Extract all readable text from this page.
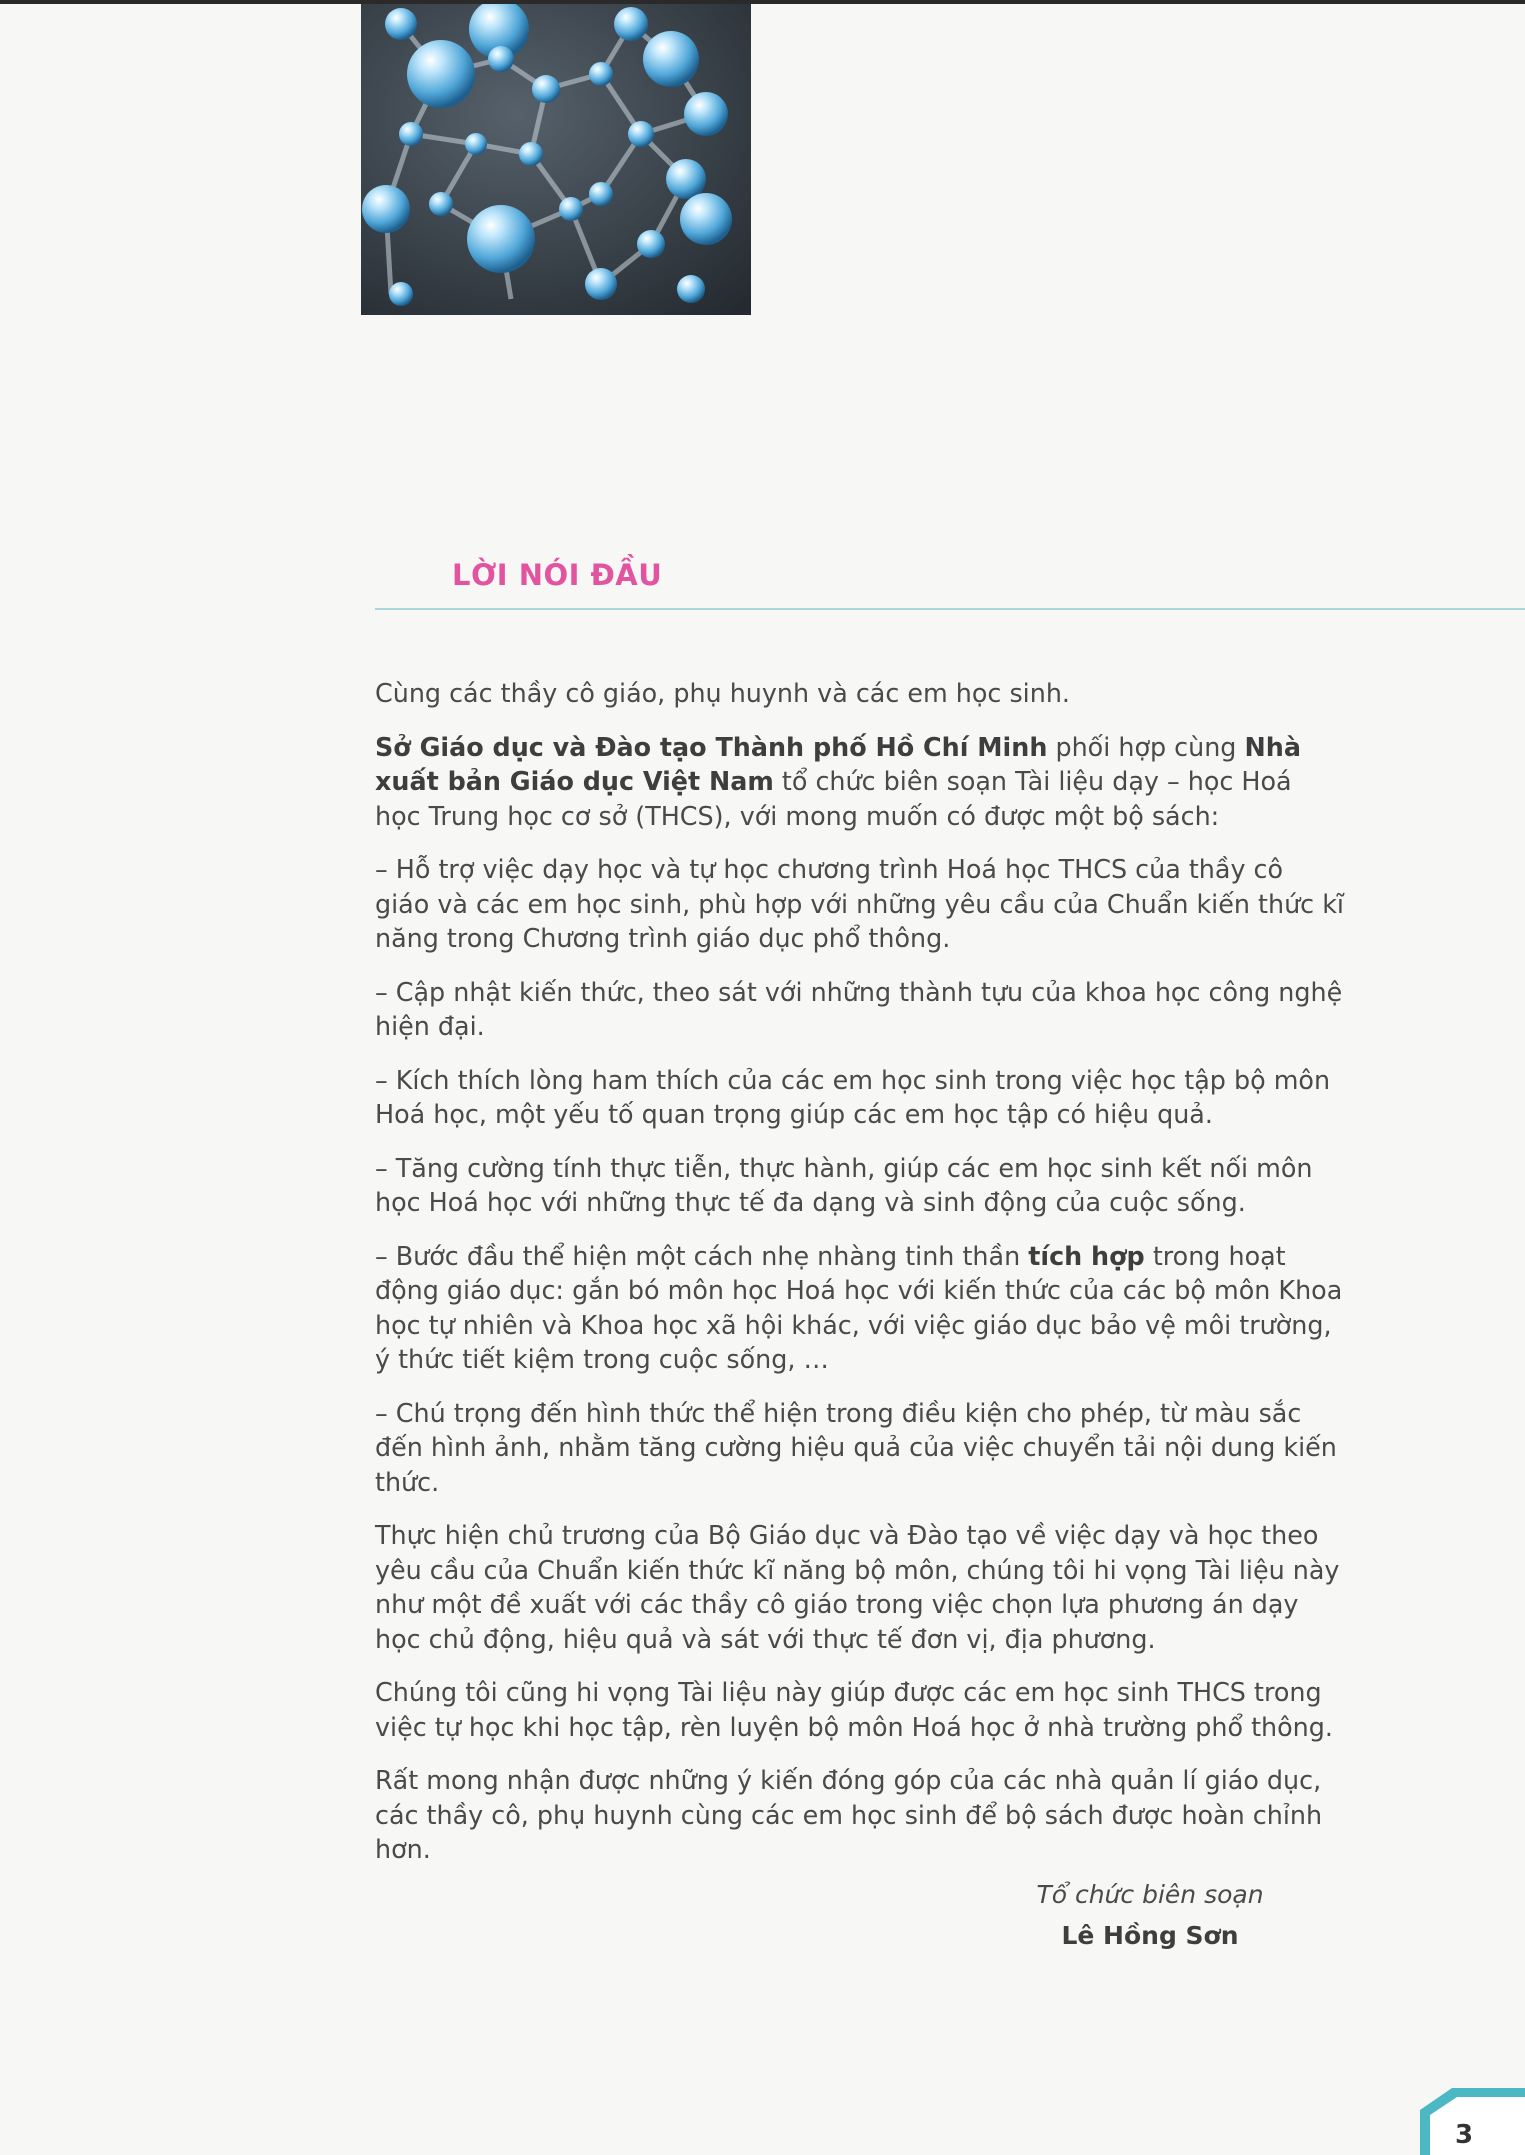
LỜI NÓI ĐẦU

Cùng các thầy cô giáo, phụ huynh và các em học sinh.

Sở Giáo dục và Đào tạo Thành phố Hồ Chí Minh phối hợp cùng Nhà xuất bản Giáo dục Việt Nam tổ chức biên soạn Tài liệu dạy – học Hoá học Trung học cơ sở (THCS), với mong muốn có được một bộ sách:

– Hỗ trợ việc dạy học và tự học chương trình Hoá học THCS của thầy cô giáo và các em học sinh, phù hợp với những yêu cầu của Chuẩn kiến thức kĩ năng trong Chương trình giáo dục phổ thông.

– Cập nhật kiến thức, theo sát với những thành tựu của khoa học công nghệ hiện đại.

– Kích thích lòng ham thích của các em học sinh trong việc học tập bộ môn Hoá học, một yếu tố quan trọng giúp các em học tập có hiệu quả.

– Tăng cường tính thực tiễn, thực hành, giúp các em học sinh kết nối môn học Hoá học với những thực tế đa dạng và sinh động của cuộc sống.

– Bước đầu thể hiện một cách nhẹ nhàng tinh thần tích hợp trong hoạt động giáo dục: gắn bó môn học Hoá học với kiến thức của các bộ môn Khoa học tự nhiên và Khoa học xã hội khác, với việc giáo dục bảo vệ môi trường, ý thức tiết kiệm trong cuộc sống, …

– Chú trọng đến hình thức thể hiện trong điều kiện cho phép, từ màu sắc đến hình ảnh, nhằm tăng cường hiệu quả của việc chuyển tải nội dung kiến thức.

Thực hiện chủ trương của Bộ Giáo dục và Đào tạo về việc dạy và học theo yêu cầu của Chuẩn kiến thức kĩ năng bộ môn, chúng tôi hi vọng Tài liệu này như một đề xuất với các thầy cô giáo trong việc chọn lựa phương án dạy học chủ động, hiệu quả và sát với thực tế đơn vị, địa phương.

Chúng tôi cũng hi vọng Tài liệu này giúp được các em học sinh THCS trong việc tự học khi học tập, rèn luyện bộ môn Hoá học ở nhà trường phổ thông.

Rất mong nhận được những ý kiến đóng góp của các nhà quản lí giáo dục, các thầy cô, phụ huynh cùng các em học sinh để bộ sách được hoàn chỉnh hơn.

Tổ chức biên soạn
Lê Hồng Sơn
3
